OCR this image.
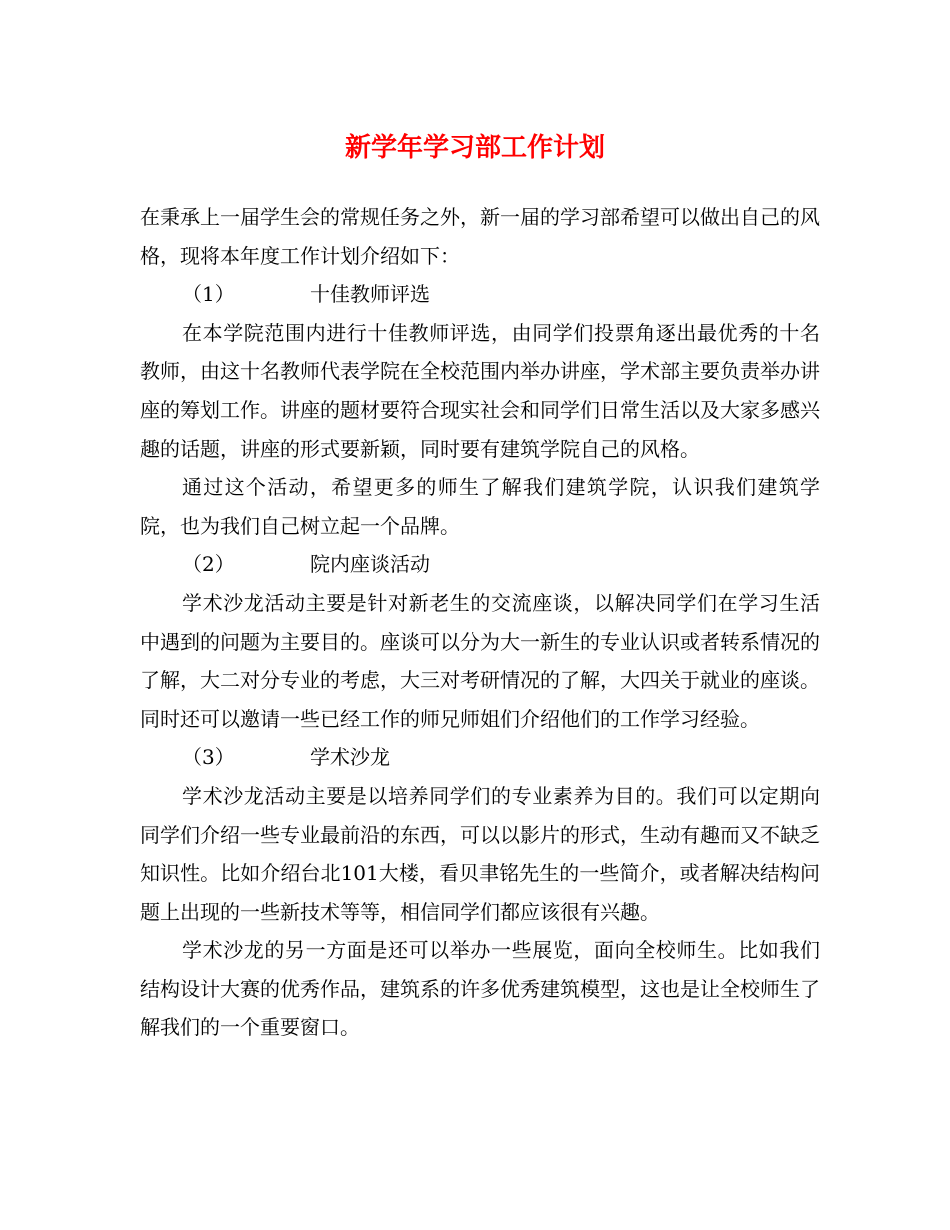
新学年学习部工作计划

在秉承上一届学生会的常规任务之外，新一届的学习部希望可以做出自己的风格，现将本年度工作计划介绍如下：

（1）	十佳教师评选

在本学院范围内进行十佳教师评选，由同学们投票角逐出最优秀的十名教师，由这十名教师代表学院在全校范围内举办讲座，学术部主要负责举办讲座的筹划工作。讲座的题材要符合现实社会和同学们日常生活以及大家多感兴趣的话题，讲座的形式要新颖，同时要有建筑学院自己的风格。

通过这个活动，希望更多的师生了解我们建筑学院，认识我们建筑学院，也为我们自己树立起一个品牌。

（2）	院内座谈活动

学术沙龙活动主要是针对新老生的交流座谈，以解决同学们在学习生活中遇到的问题为主要目的。座谈可以分为大一新生的专业认识或者转系情况的了解，大二对分专业的考虑，大三对考研情况的了解，大四关于就业的座谈。同时还可以邀请一些已经工作的师兄师姐们介绍他们的工作学习经验。

（3）	学术沙龙

学术沙龙活动主要是以培养同学们的专业素养为目的。我们可以定期向同学们介绍一些专业最前沿的东西，可以以影片的形式，生动有趣而又不缺乏知识性。比如介绍台北101大楼，看贝聿铭先生的一些简介，或者解决结构问题上出现的一些新技术等等，相信同学们都应该很有兴趣。

学术沙龙的另一方面是还可以举办一些展览，面向全校师生。比如我们结构设计大赛的优秀作品，建筑系的许多优秀建筑模型，这也是让全校师生了解我们的一个重要窗口。
